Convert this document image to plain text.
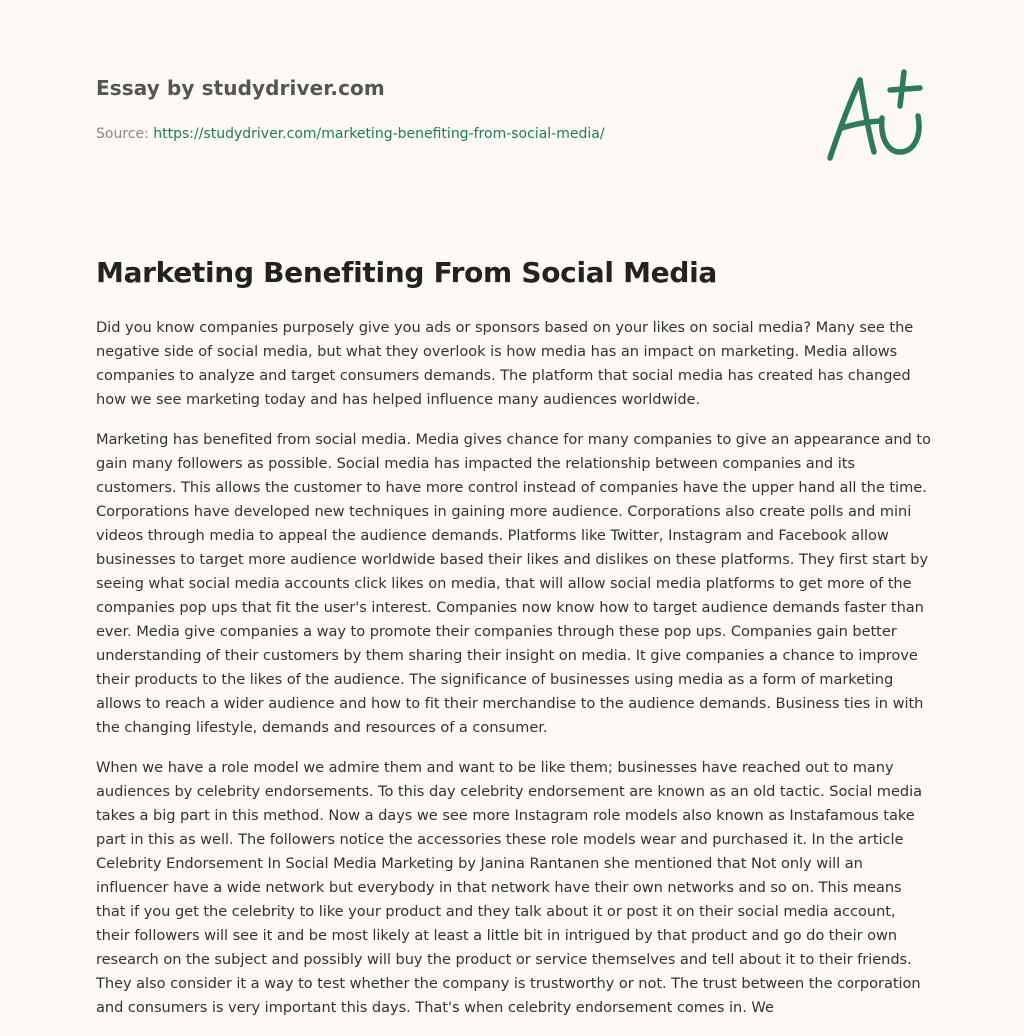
Essay by studydriver.com
Source: https://studydriver.com/marketing-benefiting-from-social-media/
Marketing Benefiting From Social Media

Did you know companies purposely give you ads or sponsors based on your likes on social media? Many see the negative side of social media, but what they overlook is how media has an impact on marketing. Media allows companies to analyze and target consumers demands. The platform that social media has created has changed how we see marketing today and has helped influence many audiences worldwide.

Marketing has benefited from social media. Media gives chance for many companies to give an appearance and to gain many followers as possible. Social media has impacted the relationship between companies and its customers. This allows the customer to have more control instead of companies have the upper hand all the time. Corporations have developed new techniques in gaining more audience. Corporations also create polls and mini videos through media to appeal the audience demands. Platforms like Twitter, Instagram and Facebook allow businesses to target more audience worldwide based their likes and dislikes on these platforms. They first start by seeing what social media accounts click likes on media, that will allow social media platforms to get more of the companies pop ups that fit the user's interest. Companies now know how to target audience demands faster than ever. Media give companies a way to promote their companies through these pop ups. Companies gain better understanding of their customers by them sharing their insight on media. It give companies a chance to improve their products to the likes of the audience. The significance of businesses using media as a form of marketing allows to reach a wider audience and how to fit their merchandise to the audience demands. Business ties in with the changing lifestyle, demands and resources of a consumer.

When we have a role model we admire them and want to be like them; businesses have reached out to many audiences by celebrity endorsements. To this day celebrity endorsement are known as an old tactic. Social media takes a big part in this method. Now a days we see more Instagram role models also known as Instafamous take part in this as well. The followers notice the accessories these role models wear and purchased it. In the article Celebrity Endorsement In Social Media Marketing by Janina Rantanen she mentioned that Not only will an influencer have a wide network but everybody in that network have their own networks and so on. This means that if you get the celebrity to like your product and they talk about it or post it on their social media account, their followers will see it and be most likely at least a little bit in intrigued by that product and go do their own research on the subject and possibly will buy the product or service themselves and tell about it to their friends. They also consider it a way to test whether the company is trustworthy or not. The trust between the corporation and consumers is very important this days. That's when celebrity endorsement comes in. We
